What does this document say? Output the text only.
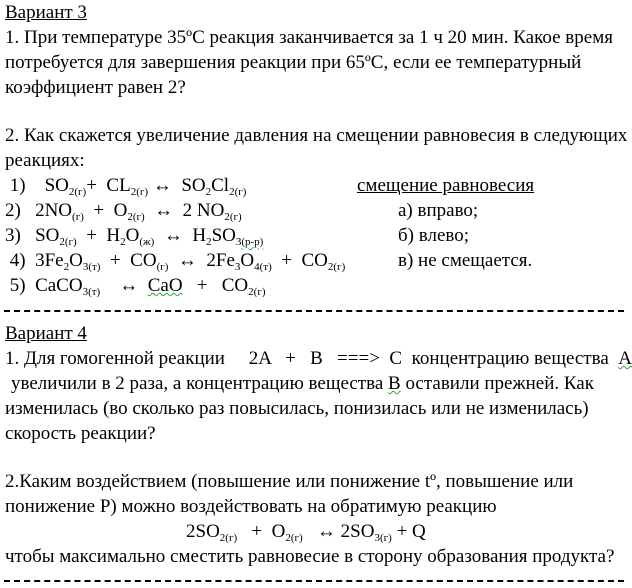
Вариант 3
1. При температуре 35ºС реакция заканчивается за 1 ч 20 мин. Какое время
потребуется для завершения реакции при 65ºС, если ее температурный
коэффициент равен 2?
2. Как скажется увеличение давления на смещении равновесия в следующих
реакциях:
1)    $SO_{2(г)}+ CL_{2(г)}$ ↔  $SO_2Cl_{2(г)}$	смещение равновесия
2)   $2NO_{(г)} + O_{2(г)}$  ↔  2 $NO_{2(г)}$	а) вправо;
3)   $SO_{2(г)} + H_2O_{(ж)}$  ↔  $H_2SO_{3(р-р)}$	б) влево;
4)  $3Fe_2O_{3(т)} + CO_{(г)}$  ↔  $2Fe_3O_{4(т)} + CO_{2(г)}$	в) не смещается.
5)  CaCO$_{3(т)}$    ↔  CaO   +   $CO_{2(г)}$
Вариант 4
1. Для гомогенной реакции 2A   +   B   ===>  C концентрацию вещества А
увеличили в 2 раза, а концентрацию вещества В оставили прежней. Как
изменилась (во сколько раз повысилась, понизилась или не изменилась)
скорость реакции?
2.Каким воздействием (повышение или понижение tº, повышение или
понижение Р) можно воздействовать на обратимую реакцию
$2SO_{2(г)} + O_{2(г)}$   ↔ $2SO_{3(г)} + Q$
чтобы максимально сместить равновесие в сторону образования продукта?
